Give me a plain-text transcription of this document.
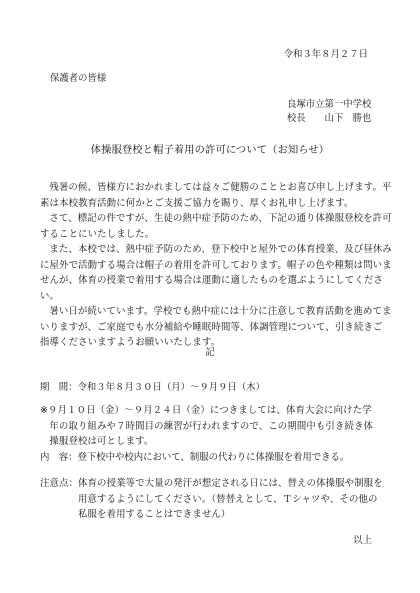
令和３年８月２７日
保護者の皆様
良塚市立第一中学校
校長　　山下　勝也
体操服登校と帽子着用の許可について（お知らせ）

残暑の候、皆様方におかれましては益々ご健勝のこととお喜び申し上げます。平素は本校教育活動に何かとご支援ご協力を賜り、厚くお礼申し上げます。

さて、標記の件ですが、生徒の熱中症予防のため、下記の通り体操服登校を許可することにいたしました。

また、本校では、熱中症予防のため、登下校中と屋外での体育授業、及び昼休みに屋外で活動する場合は帽子の着用を許可しております。帽子の色や種類は問いませんが、体育の授業で着用する場合は運動に適したものを選ぶようにしてください。

暑い日が続いています。学校でも熱中症には十分に注意して教育活動を進めてまいりますが、ご家庭でも水分補給や睡眠時間等、体調管理について、引き続きご指導くださいますようお願いいたします。

記
期　間：令和３年８月３０日（月）～９月９日（木）
※９月１０日（金）～９月２４日（金）につきましては、体育大会に向けた学年の取り組みや７時間目の練習が行われますので、この期間中も引き続き体操服登校は可とします。
内　容：登下校中や校内において、制服の代わりに体操服を着用できる。
注意点： 体育の授業等で大量の発汗が想定される日には、替えの体操服や制服を用意するようにしてください。（替替えとして、Ｔシャツや、その他の私服を着用することはできません）
以上
